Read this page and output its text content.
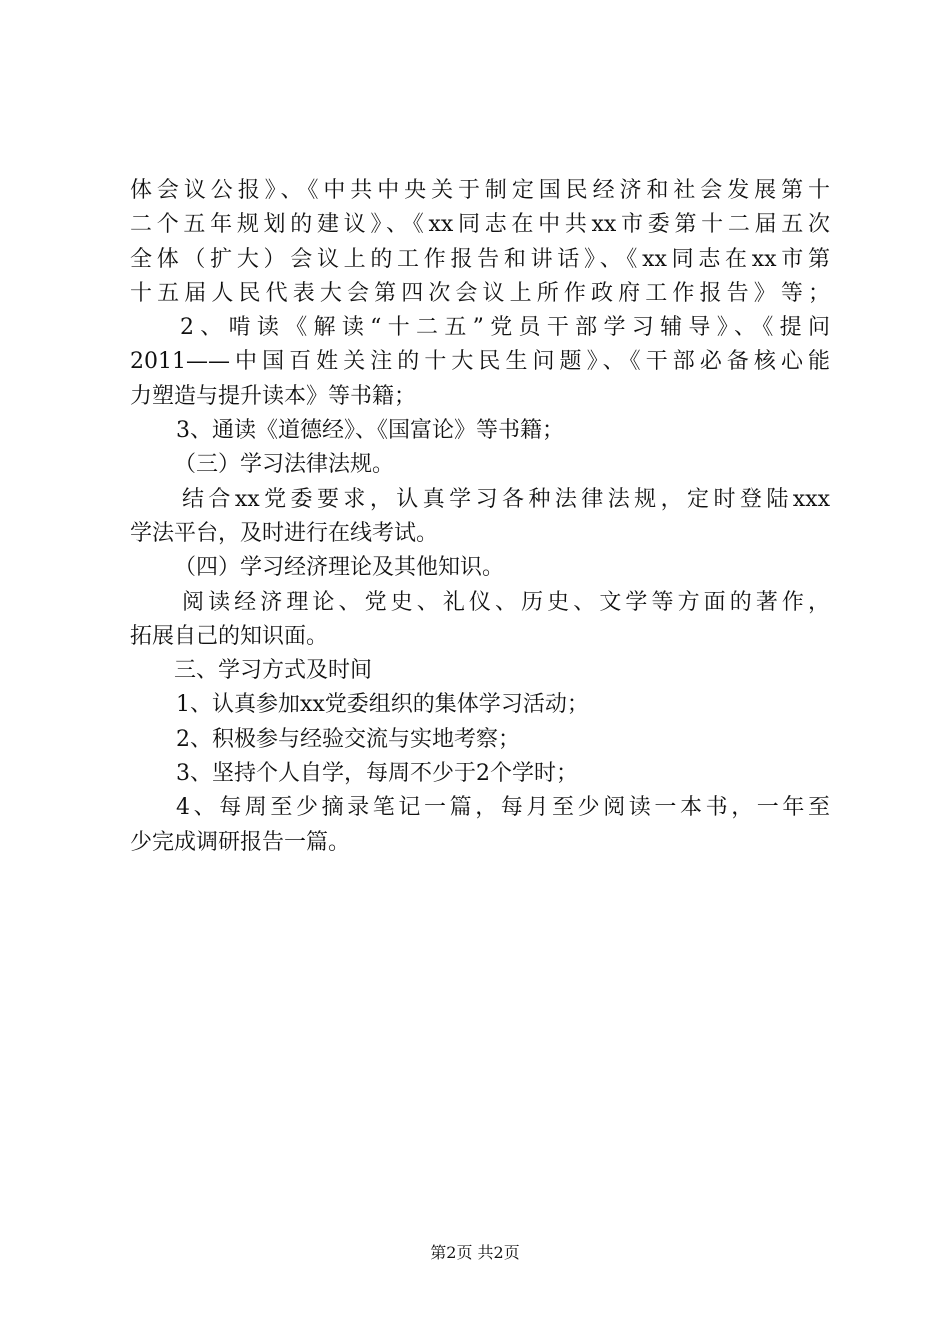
体会议公报》、《中共中央关于制定国民经济和社会发展第十
二个五年规划的建议》、《xx同志在中共xx市委第十二届五次
全体（扩大）会议上的工作报告和讲话》、《xx同志在xx市第
十五届人民代表大会第四次会议上所作政府工作报告》等；
2、啃读《解读“十二五”党员干部学习辅导》、《提问
2011——中国百姓关注的十大民生问题》、《干部必备核心能
力塑造与提升读本》等书籍；
3、通读《道德经》、《国富论》等书籍；
（三）学习法律法规。
结合xx党委要求，认真学习各种法律法规，定时登陆xxx
学法平台，及时进行在线考试。
（四）学习经济理论及其他知识。
阅读经济理论、党史、礼仪、历史、文学等方面的著作，
拓展自己的知识面。
三、学习方式及时间
1、认真参加xx党委组织的集体学习活动；
2、积极参与经验交流与实地考察；
3、坚持个人自学，每周不少于2个学时；
4、每周至少摘录笔记一篇，每月至少阅读一本书，一年至
少完成调研报告一篇。
第2页 共2页
